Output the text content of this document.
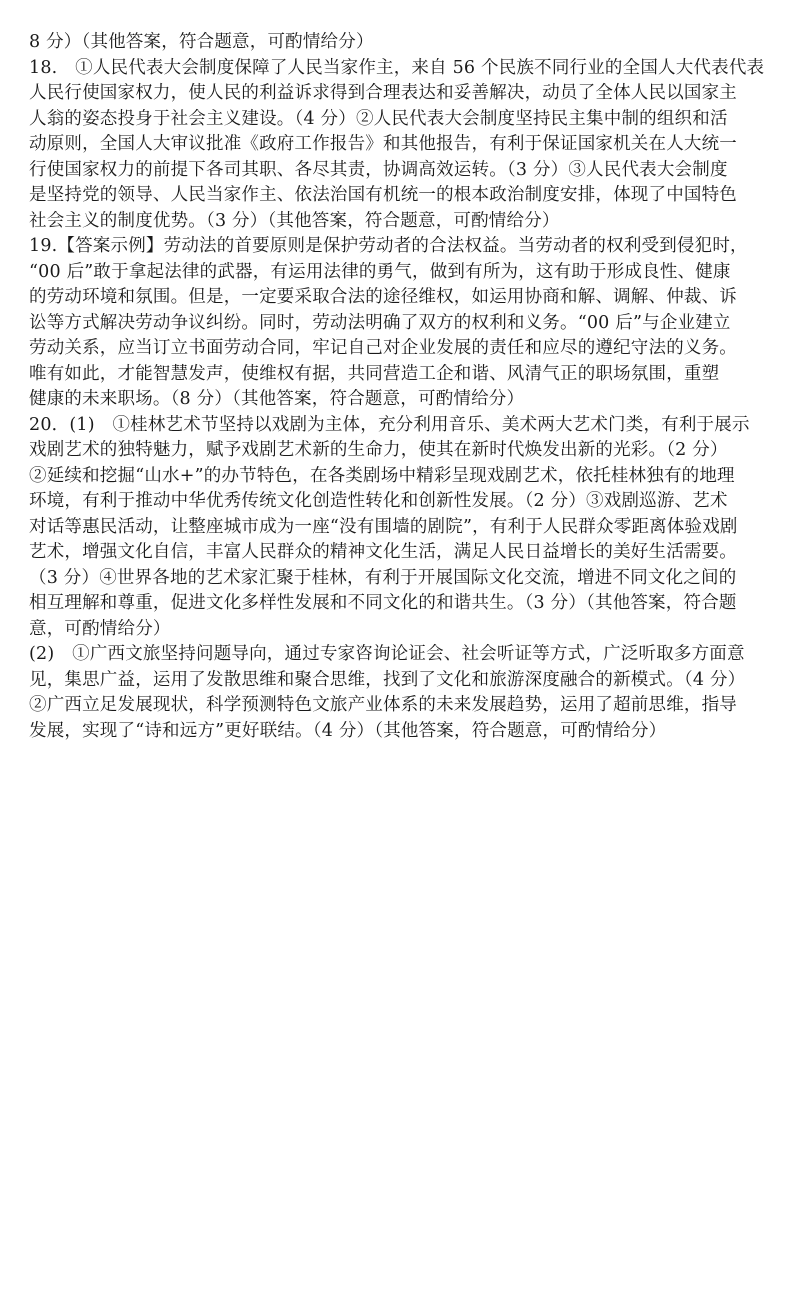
8 分）（其他答案，符合题意，可酌情给分）
18.　①人民代表大会制度保障了人民当家作主，来自 56 个民族不同行业的全国人大代表代表
人民行使国家权力，使人民的利益诉求得到合理表达和妥善解决，动员了全体人民以国家主
人翁的姿态投身于社会主义建设。（4 分）②人民代表大会制度坚持民主集中制的组织和活
动原则，全国人大审议批准《政府工作报告》和其他报告，有利于保证国家机关在人大统一
行使国家权力的前提下各司其职、各尽其责，协调高效运转。（3 分）③人民代表大会制度
是坚持党的领导、人民当家作主、依法治国有机统一的根本政治制度安排，体现了中国特色
社会主义的制度优势。（3 分）（其他答案，符合题意，可酌情给分）
19.【答案示例】劳动法的首要原则是保护劳动者的合法权益。当劳动者的权利受到侵犯时，
“00 后”敢于拿起法律的武器，有运用法律的勇气，做到有所为，这有助于形成良性、健康
的劳动环境和氛围。但是，一定要采取合法的途径维权，如运用协商和解、调解、仲裁、诉
讼等方式解决劳动争议纠纷。同时，劳动法明确了双方的权利和义务。“00 后”与企业建立
劳动关系，应当订立书面劳动合同，牢记自己对企业发展的责任和应尽的遵纪守法的义务。
唯有如此，才能智慧发声，使维权有据，共同营造工企和谐、风清气正的职场氛围，重塑
健康的未来职场。（8 分）（其他答案，符合题意，可酌情给分）
20．(1)　①桂林艺术节坚持以戏剧为主体，充分利用音乐、美术两大艺术门类，有利于展示
戏剧艺术的独特魅力，赋予戏剧艺术新的生命力，使其在新时代焕发出新的光彩。（2 分）
②延续和挖掘“山水+”的办节特色，在各类剧场中精彩呈现戏剧艺术，依托桂林独有的地理
环境，有利于推动中华优秀传统文化创造性转化和创新性发展。（2 分）③戏剧巡游、艺术
对话等惠民活动，让整座城市成为一座“没有围墙的剧院”，有利于人民群众零距离体验戏剧
艺术，增强文化自信，丰富人民群众的精神文化生活，满足人民日益增长的美好生活需要。
（3 分）④世界各地的艺术家汇聚于桂林，有利于开展国际文化交流，增进不同文化之间的
相互理解和尊重，促进文化多样性发展和不同文化的和谐共生。（3 分）（其他答案，符合题
意，可酌情给分）
(2)　①广西文旅坚持问题导向，通过专家咨询论证会、社会听证等方式，广泛听取多方面意
见，集思广益，运用了发散思维和聚合思维，找到了文化和旅游深度融合的新模式。（4 分）
②广西立足发展现状，科学预测特色文旅产业体系的未来发展趋势，运用了超前思维，指导
发展，实现了“诗和远方”更好联结。（4 分）（其他答案，符合题意，可酌情给分）
